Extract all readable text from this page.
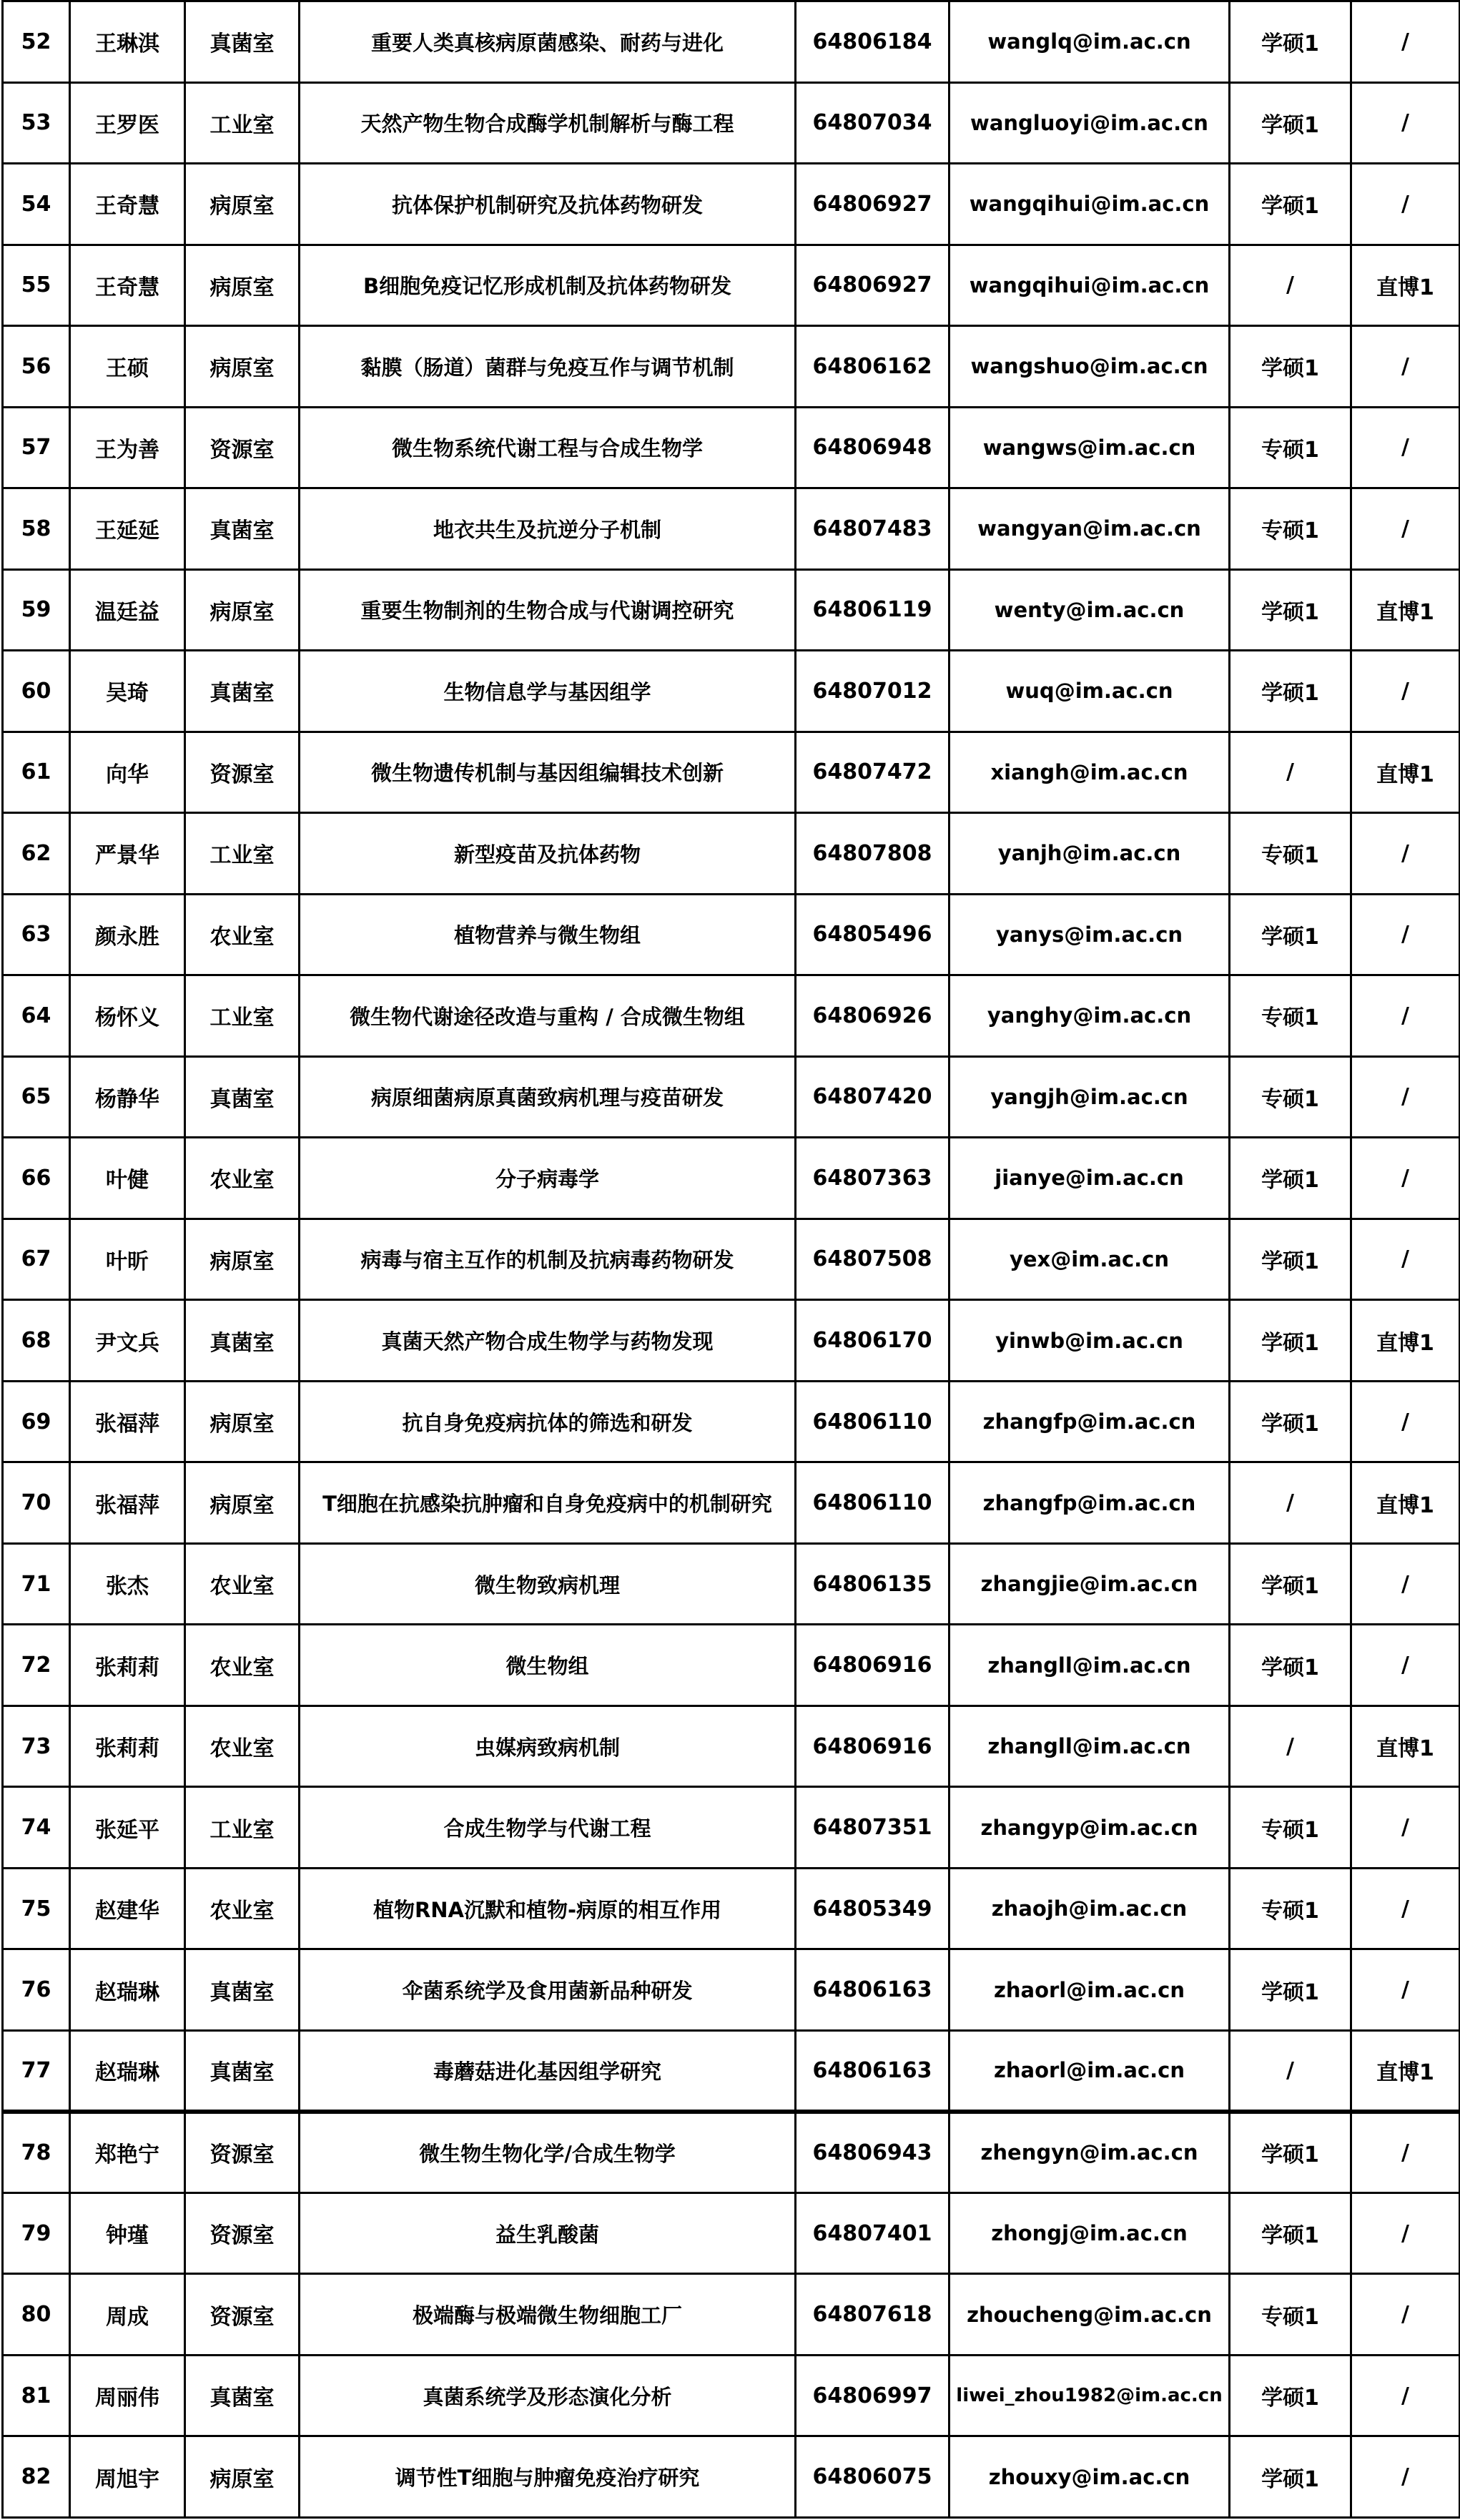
52	王琳淇	真菌室	重要人类真核病原菌感染、耐药与进化	64806184	wanglq@im.ac.cn	学硕1	/
53	王罗医	工业室	天然产物生物合成酶学机制解析与酶工程	64807034	wangluoyi@im.ac.cn	学硕1	/
54	王奇慧	病原室	抗体保护机制研究及抗体药物研发	64806927	wangqihui@im.ac.cn	学硕1	/
55	王奇慧	病原室	B细胞免疫记忆形成机制及抗体药物研发	64806927	wangqihui@im.ac.cn	/	直博1
56	王硕	病原室	黏膜（肠道）菌群与免疫互作与调节机制	64806162	wangshuo@im.ac.cn	学硕1	/
57	王为善	资源室	微生物系统代谢工程与合成生物学	64806948	wangws@im.ac.cn	专硕1	/
58	王延延	真菌室	地衣共生及抗逆分子机制	64807483	wangyan@im.ac.cn	专硕1	/
59	温廷益	病原室	重要生物制剂的生物合成与代谢调控研究	64806119	wenty@im.ac.cn	学硕1	直博1
60	吴琦	真菌室	生物信息学与基因组学	64807012	wuq@im.ac.cn	学硕1	/
61	向华	资源室	微生物遗传机制与基因组编辑技术创新	64807472	xiangh@im.ac.cn	/	直博1
62	严景华	工业室	新型疫苗及抗体药物	64807808	yanjh@im.ac.cn	专硕1	/
63	颜永胜	农业室	植物营养与微生物组	64805496	yanys@im.ac.cn	学硕1	/
64	杨怀义	工业室	微生物代谢途径改造与重构 / 合成微生物组	64806926	yanghy@im.ac.cn	专硕1	/
65	杨静华	真菌室	病原细菌病原真菌致病机理与疫苗研发	64807420	yangjh@im.ac.cn	专硕1	/
66	叶健	农业室	分子病毒学	64807363	jianye@im.ac.cn	学硕1	/
67	叶昕	病原室	病毒与宿主互作的机制及抗病毒药物研发	64807508	yex@im.ac.cn	学硕1	/
68	尹文兵	真菌室	真菌天然产物合成生物学与药物发现	64806170	yinwb@im.ac.cn	学硕1	直博1
69	张福萍	病原室	抗自身免疫病抗体的筛选和研发	64806110	zhangfp@im.ac.cn	学硕1	/
70	张福萍	病原室	T细胞在抗感染抗肿瘤和自身免疫病中的机制研究	64806110	zhangfp@im.ac.cn	/	直博1
71	张杰	农业室	微生物致病机理	64806135	zhangjie@im.ac.cn	学硕1	/
72	张莉莉	农业室	微生物组	64806916	zhangll@im.ac.cn	学硕1	/
73	张莉莉	农业室	虫媒病致病机制	64806916	zhangll@im.ac.cn	/	直博1
74	张延平	工业室	合成生物学与代谢工程	64807351	zhangyp@im.ac.cn	专硕1	/
75	赵建华	农业室	植物RNA沉默和植物-病原的相互作用	64805349	zhaojh@im.ac.cn	专硕1	/
76	赵瑞琳	真菌室	伞菌系统学及食用菌新品种研发	64806163	zhaorl@im.ac.cn	学硕1	/
77	赵瑞琳	真菌室	毒蘑菇进化基因组学研究	64806163	zhaorl@im.ac.cn	/	直博1
78	郑艳宁	资源室	微生物生物化学/合成生物学	64806943	zhengyn@im.ac.cn	学硕1	/
79	钟瑾	资源室	益生乳酸菌	64807401	zhongj@im.ac.cn	学硕1	/
80	周成	资源室	极端酶与极端微生物细胞工厂	64807618	zhoucheng@im.ac.cn	专硕1	/
81	周丽伟	真菌室	真菌系统学及形态演化分析	64806997	liwei_zhou1982@im.ac.cn	学硕1	/
82	周旭宇	病原室	调节性T细胞与肿瘤免疫治疗研究	64806075	zhouxy@im.ac.cn	学硕1	/
